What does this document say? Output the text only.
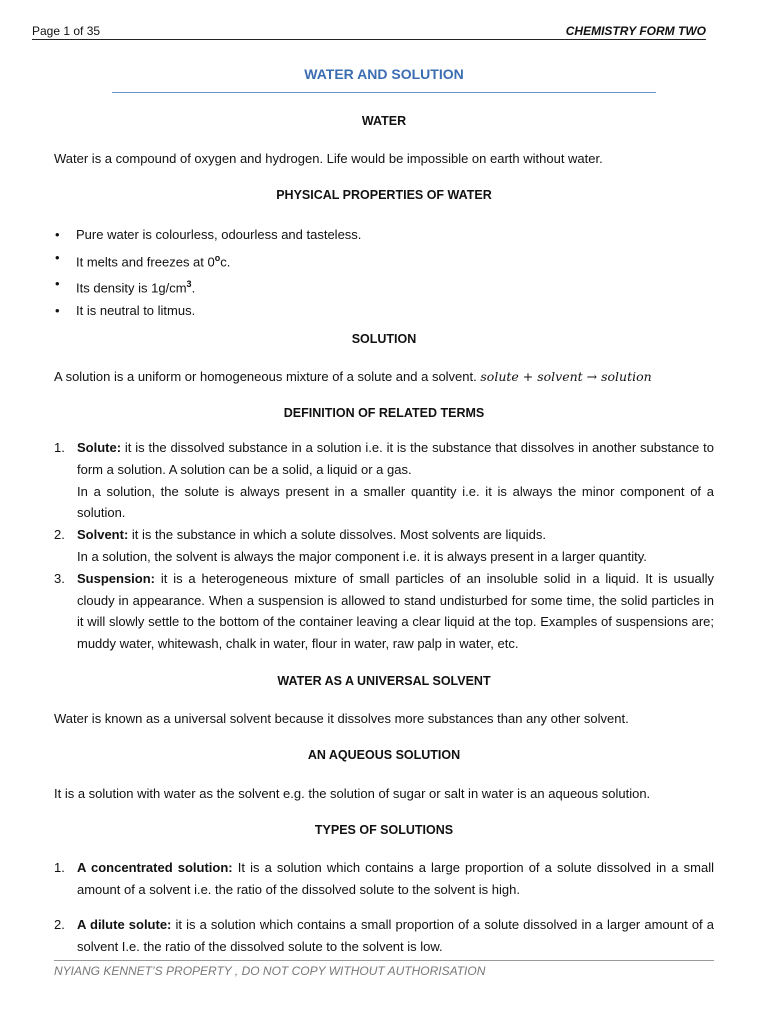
Page 1 of 35	CHEMISTRY FORM TWO
WATER AND SOLUTION
WATER
Water is a compound of oxygen and hydrogen. Life would be impossible on earth without water.
PHYSICAL PROPERTIES OF WATER
• Pure water is colourless, odourless and tasteless.
• It melts and freezes at 0$^o$c.
• Its density is $1g/cm^3$.
• It is neutral to litmus.
SOLUTION
A solution is a uniform or homogeneous mixture of a solute and a solvent. solute + solvent → solution
DEFINITION OF RELATED TERMS
1. Solute: it is the dissolved substance in a solution i.e. it is the substance that dissolves in another substance to form a solution. A solution can be a solid, a liquid or a gas.
In a solution, the solute is always present in a smaller quantity i.e. it is always the minor component of a solution.
2. Solvent: it is the substance in which a solute dissolves. Most solvents are liquids.
In a solution, the solvent is always the major component i.e. it is always present in a larger quantity.
3. Suspension: it is a heterogeneous mixture of small particles of an insoluble solid in a liquid. It is usually cloudy in appearance. When a suspension is allowed to stand undisturbed for some time, the solid particles in it will slowly settle to the bottom of the container leaving a clear liquid at the top. Examples of suspensions are; muddy water, whitewash, chalk in water, flour in water, raw palp in water, etc.
WATER AS A UNIVERSAL SOLVENT
Water is known as a universal solvent because it dissolves more substances than any other solvent.
AN AQUEOUS SOLUTION
It is a solution with water as the solvent e.g. the solution of sugar or salt in water is an aqueous solution.
TYPES OF SOLUTIONS
1. A concentrated solution: It is a solution which contains a large proportion of a solute dissolved in a small amount of a solvent i.e. the ratio of the dissolved solute to the solvent is high.
2. A dilute solute: it is a solution which contains a small proportion of a solute dissolved in a larger amount of a solvent I.e. the ratio of the dissolved solute to the solvent is low.
NYIANG KENNET’S PROPERTY , DO NOT COPY WITHOUT AUTHORISATION
